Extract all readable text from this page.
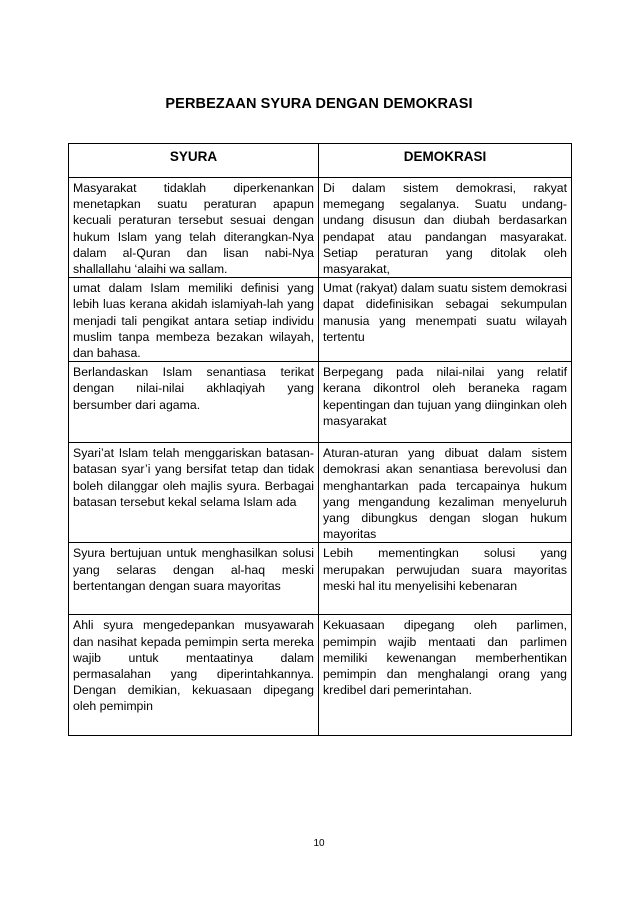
PERBEZAAN SYURA DENGAN DEMOKRASI
SYURA	DEMOKRASI
Masyarakat tidaklah diperkenankan menetapkan suatu peraturan apapun kecuali peraturan tersebut sesuai dengan hukum Islam yang telah diterangkan-Nya dalam al-Quran dan lisan nabi-Nya shallallahu ‘alaihi wa sallam.	Di dalam sistem demokrasi, rakyat memegang segalanya. Suatu undang-undang disusun dan diubah berdasarkan pendapat atau pandangan masyarakat. Setiap peraturan yang ditolak oleh masyarakat,
umat dalam Islam memiliki definisi yang lebih luas kerana akidah islamiyah-lah yang menjadi tali pengikat antara setiap individu muslim tanpa membeza bezakan wilayah, dan bahasa.	Umat (rakyat) dalam suatu sistem demokrasi dapat didefinisikan sebagai sekumpulan manusia yang menempati suatu wilayah tertentu
Berlandaskan Islam senantiasa terikat dengan nilai-nilai akhlaqiyah yang bersumber dari agama.	Berpegang pada nilai-nilai yang relatif kerana dikontrol oleh beraneka ragam kepentingan dan tujuan yang diinginkan oleh masyarakat
Syari’at Islam telah menggariskan batasan-batasan syar’i yang bersifat tetap dan tidak boleh dilanggar oleh majlis syura. Berbagai batasan tersebut kekal selama Islam ada	Aturan-aturan yang dibuat dalam sistem demokrasi akan senantiasa berevolusi dan menghantarkan pada tercapainya hukum yang mengandung kezaliman menyeluruh yang dibungkus dengan slogan hukum mayoritas
Syura bertujuan untuk menghasilkan solusi yang selaras dengan al-haq meski bertentangan dengan suara mayoritas	Lebih mementingkan solusi yang merupakan perwujudan suara mayoritas meski hal itu menyelisihi kebenaran
Ahli syura mengedepankan musyawarah dan nasihat kepada pemimpin serta mereka wajib untuk mentaatinya dalam permasalahan yang diperintahkannya. Dengan demikian, kekuasaan dipegang oleh pemimpin	Kekuasaan dipegang oleh parlimen, pemimpin wajib mentaati dan parlimen memiliki kewenangan memberhentikan pemimpin dan menghalangi orang yang kredibel dari pemerintahan.
10
